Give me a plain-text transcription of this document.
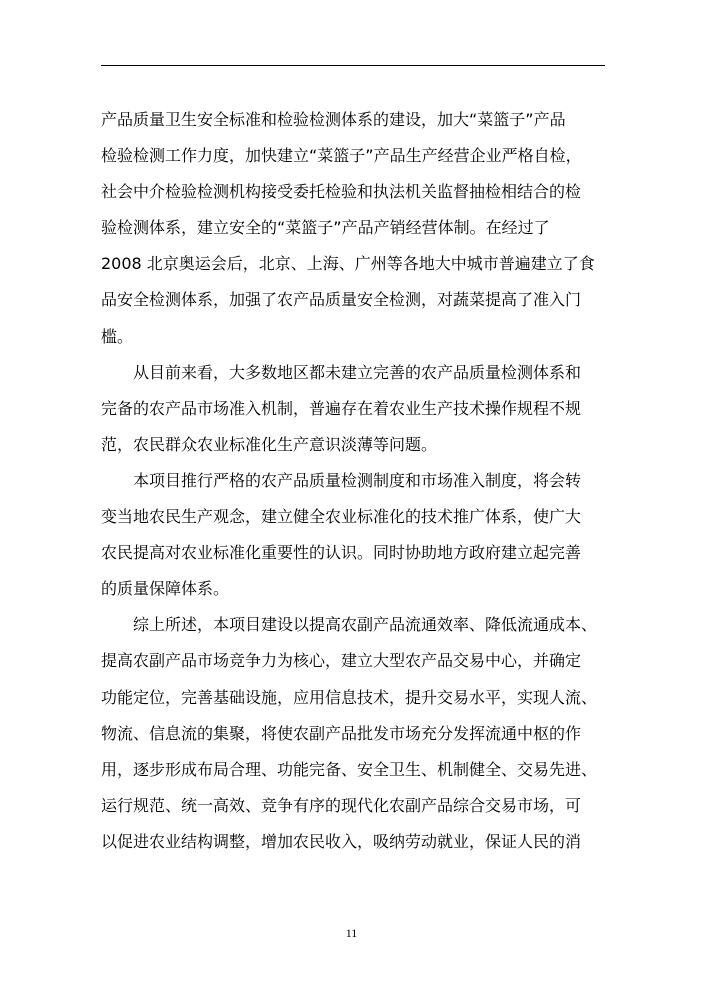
产品质量卫生安全标准和检验检测体系的建设，加大“菜篮子”产品
检验检测工作力度，加快建立“菜篮子”产品生产经营企业严格自检，
社会中介检验检测机构接受委托检验和执法机关监督抽检相结合的检
验检测体系，建立安全的“菜篮子”产品产销经营体制。在经过了
2008 北京奥运会后，北京、上海、广州等各地大中城市普遍建立了食
品安全检测体系，加强了农产品质量安全检测，对蔬菜提高了准入门
槛。
　　从目前来看，大多数地区都未建立完善的农产品质量检测体系和
完备的农产品市场准入机制，普遍存在着农业生产技术操作规程不规
范，农民群众农业标准化生产意识淡薄等问题。
　　本项目推行严格的农产品质量检测制度和市场准入制度，将会转
变当地农民生产观念，建立健全农业标准化的技术推广体系，使广大
农民提高对农业标准化重要性的认识。同时协助地方政府建立起完善
的质量保障体系。
　　综上所述，本项目建设以提高农副产品流通效率、降低流通成本、
提高农副产品市场竞争力为核心，建立大型农产品交易中心，并确定
功能定位，完善基础设施，应用信息技术，提升交易水平，实现人流、
物流、信息流的集聚，将使农副产品批发市场充分发挥流通中枢的作
用，逐步形成布局合理、功能完备、安全卫生、机制健全、交易先进、
运行规范、统一高效、竞争有序的现代化农副产品综合交易市场，可
以促进农业结构调整，增加农民收入，吸纳劳动就业，保证人民的消
11
